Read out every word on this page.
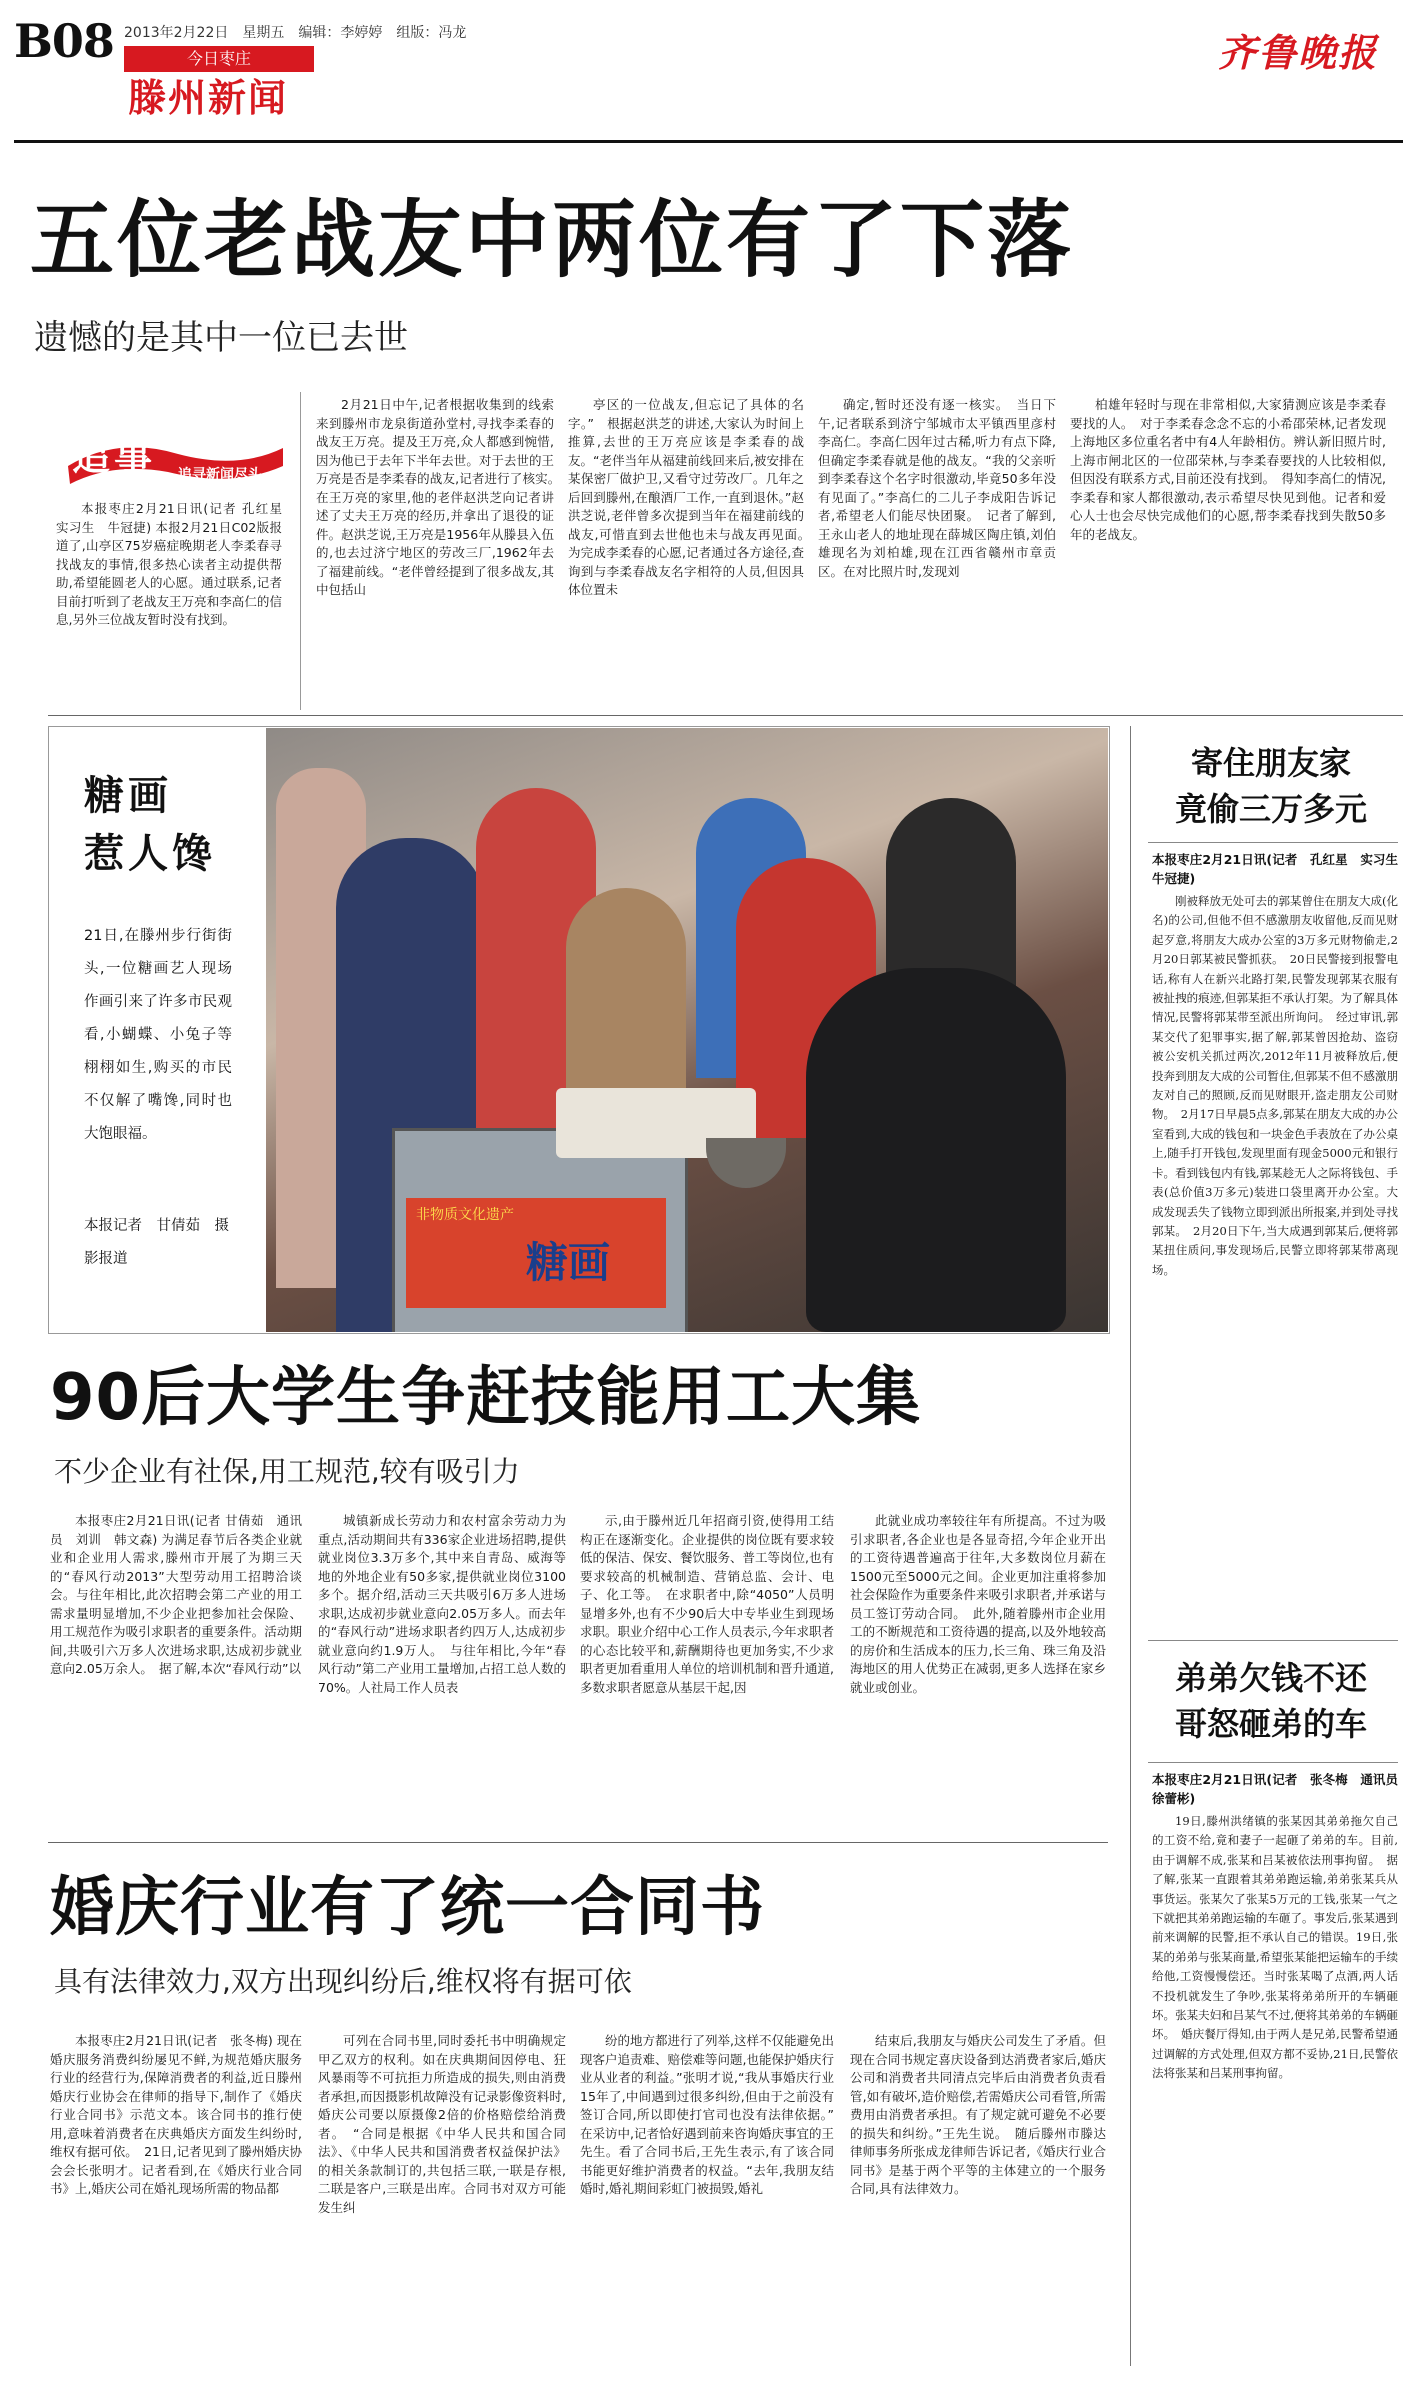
B08 2013年2月22日　星期五　编辑：李婷婷　组版：冯龙
今日枣庄
滕州新闻
齐鲁晚报
五位老战友中两位有了下落
遗憾的是其中一位已去世
追事
zhuishi
追寻新闻尽头

本报枣庄2月21日讯(记者 孔红星　实习生　牛冠捷) 本报2月21日C02版报道了,山亭区75岁癌症晚期老人李柔春寻找战友的事情,很多热心读者主动提供帮助,希望能圆老人的心愿。通过联系,记者目前打听到了老战友王万亮和李高仁的信息,另外三位战友暂时没有找到。

2月21日中午,记者根据收集到的线索来到滕州市龙泉街道孙堂村,寻找李柔春的战友王万亮。提及王万亮,众人都感到惋惜,因为他已于去年下半年去世。对于去世的王万亮是否是李柔春的战友,记者进行了核实。　在王万亮的家里,他的老伴赵洪芝向记者讲述了丈夫王万亮的经历,并拿出了退役的证件。赵洪芝说,王万亮是1956年从滕县入伍的,也去过济宁地区的劳改三厂,1962年去了福建前线。“老伴曾经提到了很多战友,其中包括山

亭区的一位战友,但忘记了具体的名字。”　根据赵洪芝的讲述,大家认为时间上推算,去世的王万亮应该是李柔春的战友。“老伴当年从福建前线回来后,被安排在某保密厂做护卫,又看守过劳改厂。几年之后回到滕州,在酿酒厂工作,一直到退休。”赵洪芝说,老伴曾多次提到当年在福建前线的战友,可惜直到去世他也未与战友再见面。　为完成李柔春的心愿,记者通过各方途径,查询到与李柔春战友名字相符的人员,但因具体位置未

确定,暂时还没有逐一核实。　当日下午,记者联系到济宁邹城市太平镇西里彦村李高仁。李高仁因年过古稀,听力有点下降,但确定李柔春就是他的战友。“我的父亲听到李柔春这个名字时很激动,毕竟50多年没有见面了。”李高仁的二儿子李成阳告诉记者,希望老人们能尽快团聚。　记者了解到,王永山老人的地址现在薛城区陶庄镇,刘伯雄现名为刘柏雄,现在江西省赣州市章贡区。在对比照片时,发现刘

柏雄年轻时与现在非常相似,大家猜测应该是李柔春要找的人。　对于李柔春念念不忘的小希邵荣林,记者发现上海地区多位重名者中有4人年龄相仿。辨认新旧照片时,上海市闸北区的一位邵荣林,与李柔春要找的人比较相似,但因没有联系方式,目前还没有找到。　得知李高仁的情况,李柔春和家人都很激动,表示希望尽快见到他。记者和爱心人士也会尽快完成他们的心愿,帮李柔春找到失散50多年的老战友。

糖画
惹人馋
21日,在滕州步行街街头,一位糖画艺人现场作画引来了许多市民观看,小蝴蝶、小兔子等栩栩如生,购买的市民不仅解了嘴馋,同时也大饱眼福。
本报记者　甘倩茹　摄影报道
非物质文化遗产
糖画
90后大学生争赶技能用工大集
不少企业有社保,用工规范,较有吸引力

本报枣庄2月21日讯(记者 甘倩茹　通讯员　刘训　韩文森) 为满足春节后各类企业就业和企业用人需求,滕州市开展了为期三天的“春风行动2013”大型劳动用工招聘洽谈会。与往年相比,此次招聘会第二产业的用工需求量明显增加,不少企业把参加社会保险、用工规范作为吸引求职者的重要条件。活动期间,共吸引六万多人次进场求职,达成初步就业意向2.05万余人。　据了解,本次“春风行动”以

城镇新成长劳动力和农村富余劳动力为重点,活动期间共有336家企业进场招聘,提供就业岗位3.3万多个,其中来自青岛、威海等地的外地企业有50多家,提供就业岗位3100多个。据介绍,活动三天共吸引6万多人进场求职,达成初步就业意向2.05万多人。而去年的“春风行动”进场求职者约四万人,达成初步就业意向约1.9万人。　与往年相比,今年“春风行动”第二产业用工量增加,占招工总人数的70%。人社局工作人员表

示,由于滕州近几年招商引资,使得用工结构正在逐渐变化。企业提供的岗位既有要求较低的保洁、保安、餐饮服务、普工等岗位,也有要求较高的机械制造、营销总监、会计、电子、化工等。　在求职者中,除“4050”人员明显增多外,也有不少90后大中专毕业生到现场求职。职业介绍中心工作人员表示,今年求职者的心态比较平和,薪酬期待也更加务实,不少求职者更加看重用人单位的培训机制和晋升通道,多数求职者愿意从基层干起,因

此就业成功率较往年有所提高。不过为吸引求职者,各企业也是各显奇招,今年企业开出的工资待遇普遍高于往年,大多数岗位月薪在1500元至5000元之间。企业更加注重将参加社会保险作为重要条件来吸引求职者,并承诺与员工签订劳动合同。　此外,随着滕州市企业用工的不断规范和工资待遇的提高,以及外地较高的房价和生活成本的压力,长三角、珠三角及沿海地区的用人优势正在减弱,更多人选择在家乡就业或创业。

婚庆行业有了统一合同书
具有法律效力,双方出现纠纷后,维权将有据可依

本报枣庄2月21日讯(记者　张冬梅) 现在婚庆服务消费纠纷屡见不鲜,为规范婚庆服务行业的经营行为,保障消费者的利益,近日滕州婚庆行业协会在律师的指导下,制作了《婚庆行业合同书》示范文本。该合同书的推行使用,意味着消费者在庆典婚庆方面发生纠纷时,维权有据可依。　21日,记者见到了滕州婚庆协会会长张明才。记者看到,在《婚庆行业合同书》上,婚庆公司在婚礼现场所需的物品都

可列在合同书里,同时委托书中明确规定甲乙双方的权利。如在庆典期间因停电、狂风暴雨等不可抗拒力所造成的损失,则由消费者承担,而因摄影机故障没有记录影像资料时,婚庆公司要以原摄像2倍的价格赔偿给消费者。　“合同是根据《中华人民共和国合同法》、《中华人民共和国消费者权益保护法》的相关条款制订的,共包括三联,一联是存根,二联是客户,三联是出库。合同书对双方可能发生纠

纷的地方都进行了列举,这样不仅能避免出现客户追责难、赔偿难等问题,也能保护婚庆行业从业者的利益。”张明才说,“我从事婚庆行业15年了,中间遇到过很多纠纷,但由于之前没有签订合同,所以即使打官司也没有法律依据。”　在采访中,记者恰好遇到前来咨询婚庆事宜的王先生。看了合同书后,王先生表示,有了该合同书能更好维护消费者的权益。“去年,我朋友结婚时,婚礼期间彩虹门被损毁,婚礼

结束后,我朋友与婚庆公司发生了矛盾。但现在合同书规定喜庆设备到达消费者家后,婚庆公司和消费者共同清点完毕后由消费者负责看管,如有破坏,造价赔偿,若需婚庆公司看管,所需费用由消费者承担。有了规定就可避免不必要的损失和纠纷。”王先生说。　随后滕州市滕达律师事务所张成龙律师告诉记者,《婚庆行业合同书》是基于两个平等的主体建立的一个服务合同,具有法律效力。

寄住朋友家
竟偷三万多元
本报枣庄2月21日讯(记者　孔红星　实习生　牛冠捷)

刚被释放无处可去的郭某曾住在朋友大成(化名)的公司,但他不但不感激朋友收留他,反而见财起歹意,将朋友大成办公室的3万多元财物偷走,2月20日郭某被民警抓获。　20日民警接到报警电话,称有人在新兴北路打架,民警发现郭某衣服有被扯拽的痕迹,但郭某拒不承认打架。为了解具体情况,民警将郭某带至派出所询问。　经过审讯,郭某交代了犯罪事实,据了解,郭某曾因抢劫、盗窃被公安机关抓过两次,2012年11月被释放后,便投奔到朋友大成的公司暂住,但郭某不但不感激朋友对自己的照顾,反而见财眼开,盗走朋友公司财物。　2月17日早晨5点多,郭某在朋友大成的办公室看到,大成的钱包和一块金色手表放在了办公桌上,随手打开钱包,发现里面有现金5000元和银行卡。看到钱包内有钱,郭某趁无人之际将钱包、手表(总价值3万多元)装进口袋里离开办公室。大成发现丢失了钱物立即到派出所报案,并到处寻找郭某。　2月20日下午,当大成遇到郭某后,便将郭某扭住质问,事发现场后,民警立即将郭某带离现场。

弟弟欠钱不还
哥怒砸弟的车
本报枣庄2月21日讯(记者　张冬梅　通讯员　徐蕾彬)

19日,滕州洪绪镇的张某因其弟弟拖欠自己的工资不给,竟和妻子一起砸了弟弟的车。目前,由于调解不成,张某和吕某被依法刑事拘留。　据了解,张某一直跟着其弟弟跑运输,弟弟张某兵从事货运。张某欠了张某5万元的工钱,张某一气之下就把其弟弟跑运输的车砸了。事发后,张某遇到前来调解的民警,拒不承认自己的错误。19日,张某的弟弟与张某商量,希望张某能把运输车的手续给他,工资慢慢偿还。当时张某喝了点酒,两人话不投机就发生了争吵,张某将弟弟所开的车辆砸坏。张某夫妇和吕某气不过,便将其弟弟的车辆砸坏。　婚庆餐厅得知,由于两人是兄弟,民警希望通过调解的方式处理,但双方都不妥协,21日,民警依法将张某和吕某刑事拘留。
